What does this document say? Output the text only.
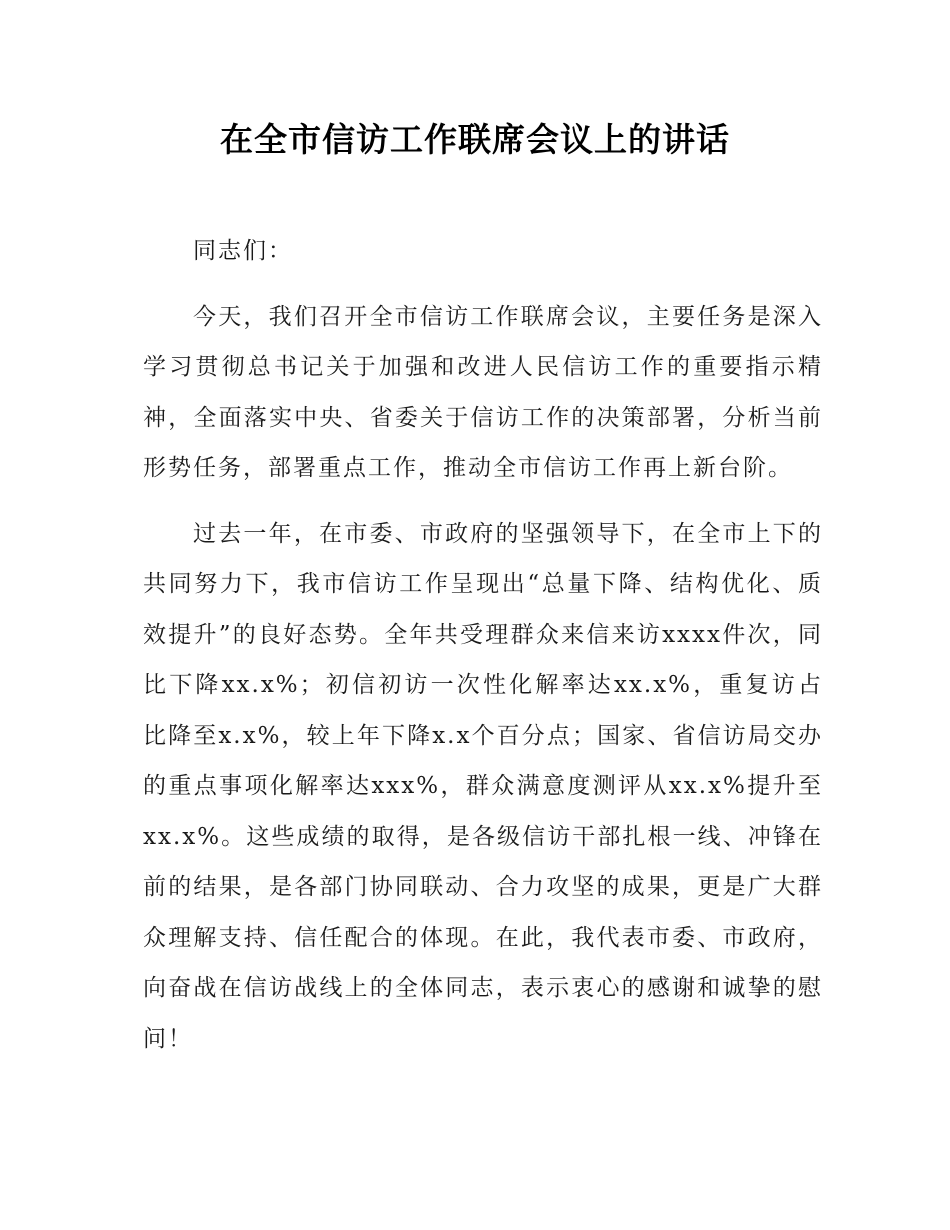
在全市信访工作联席会议上的讲话

同志们：

今天，我们召开全市信访工作联席会议，主要任务是深入学习贯彻总书记关于加强和改进人民信访工作的重要指示精神，全面落实中央、省委关于信访工作的决策部署，分析当前形势任务，部署重点工作，推动全市信访工作再上新台阶。

过去一年，在市委、市政府的坚强领导下，在全市上下的共同努力下，我市信访工作呈现出“总量下降、结构优化、质效提升”的良好态势。全年共受理群众来信来访xxxx件次，同比下降xx.x%；初信初访一次性化解率达xx.x%，重复访占比降至x.x%，较上年下降x.x个百分点；国家、省信访局交办的重点事项化解率达xxx%，群众满意度测评从xx.x%提升至xx.x%。这些成绩的取得，是各级信访干部扎根一线、冲锋在前的结果，是各部门协同联动、合力攻坚的成果，更是广大群众理解支持、信任配合的体现。在此，我代表市委、市政府，向奋战在信访战线上的全体同志，表示衷心的感谢和诚挚的慰问！
